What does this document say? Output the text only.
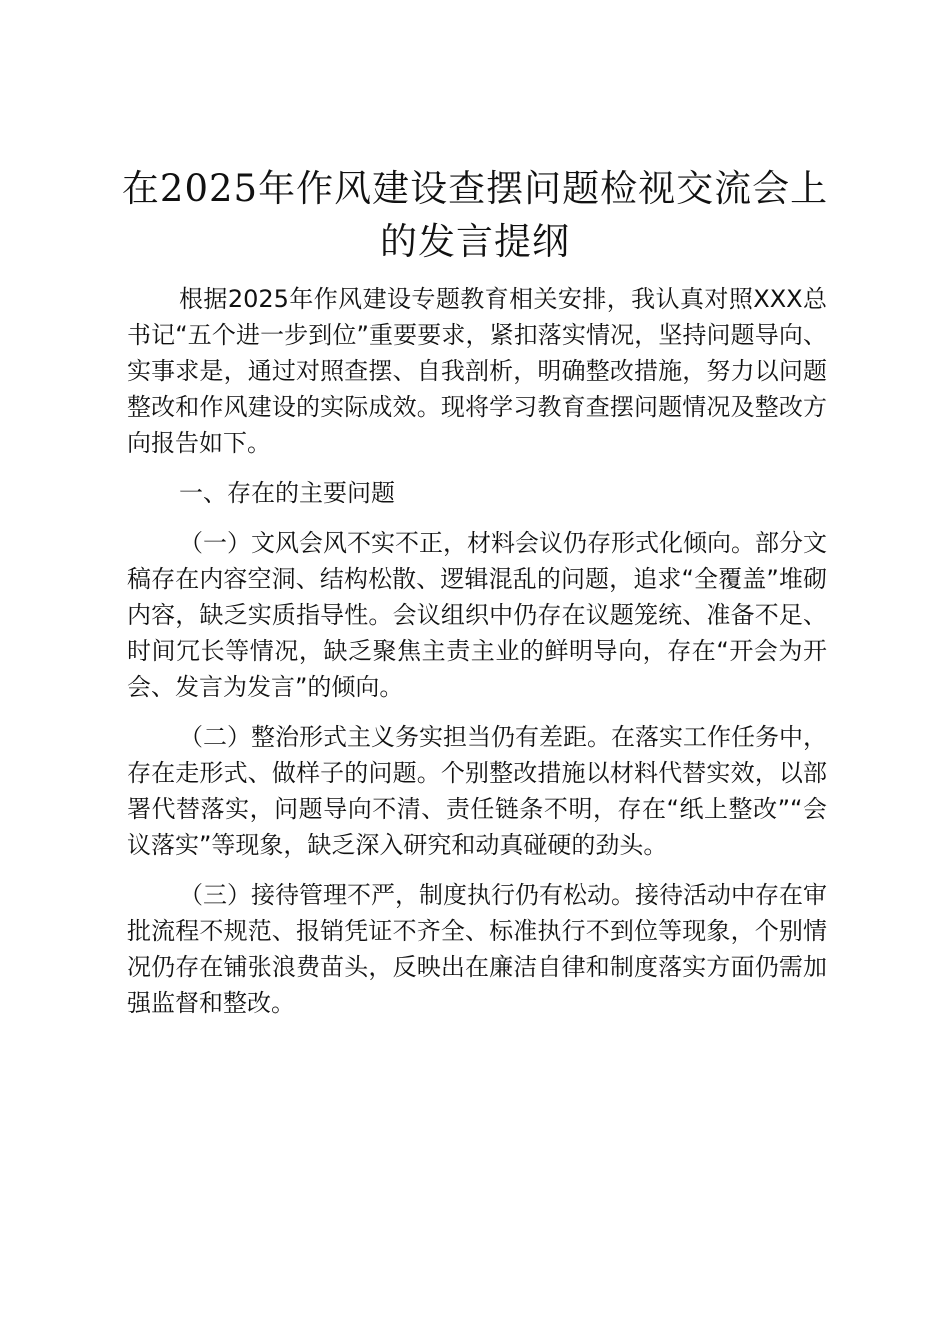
在2025年作风建设查摆问题检视交流会上的发言提纲

根据2025年作风建设专题教育相关安排，我认真对照XXX总书记“五个进一步到位”重要要求，紧扣落实情况，坚持问题导向、实事求是，通过对照查摆、自我剖析，明确整改措施，努力以问题整改和作风建设的实际成效。现将学习教育查摆问题情况及整改方向报告如下。

一、存在的主要问题

（一）文风会风不实不正，材料会议仍存形式化倾向。部分文稿存在内容空洞、结构松散、逻辑混乱的问题，追求“全覆盖”堆砌内容，缺乏实质指导性。会议组织中仍存在议题笼统、准备不足、时间冗长等情况，缺乏聚焦主责主业的鲜明导向，存在“开会为开会、发言为发言”的倾向。

（二）整治形式主义务实担当仍有差距。在落实工作任务中，存在走形式、做样子的问题。个别整改措施以材料代替实效，以部署代替落实，问题导向不清、责任链条不明，存在“纸上整改”“会议落实”等现象，缺乏深入研究和动真碰硬的劲头。

（三）接待管理不严，制度执行仍有松动。接待活动中存在审批流程不规范、报销凭证不齐全、标准执行不到位等现象，个别情况仍存在铺张浪费苗头，反映出在廉洁自律和制度落实方面仍需加强监督和整改。
